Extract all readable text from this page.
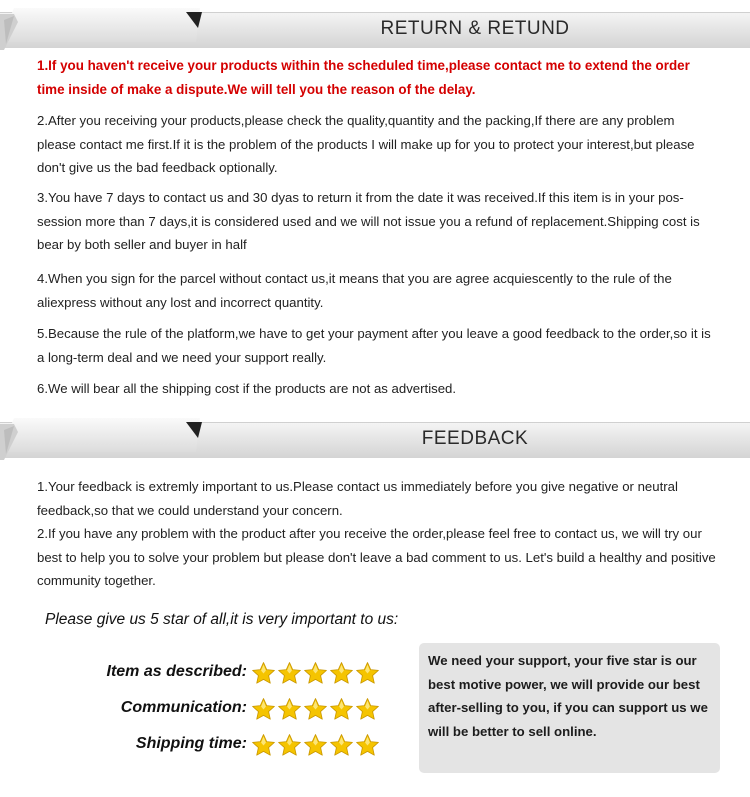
RETURN & RETUND
1.If you haven't receive your products within the scheduled time,please contact me to extend the order time inside of make a dispute.We will tell you the reason of the delay.
2.After you receiving your products,please check the quality,quantity and the packing,If there are any problem please contact me first.If it is the problem of the products I will make up for you to protect your interest,but please don't give us the bad feedback optionally.
3.You have 7 days to contact us and 30 dyas to return it from the date it was received.If this item is in your pos-session more than 7 days,it is considered used and we will not issue you a refund of replacement.Shipping cost is bear by both seller and buyer in half
4.When you sign for the parcel without contact us,it means that you are agree acquiescently to the rule of the aliexpress without any lost and incorrect quantity.
5.Because the rule of the platform,we have to get your payment after you leave a good feedback to the order,so it is a long-term deal and we need your support really.
6.We will bear all the shipping cost if the products are not as advertised.
FEEDBACK
1.Your feedback is extremly important to us.Please contact us immediately before you give negative or neutral feedback,so that we could understand your concern.
2.If you have any problem with the product after you receive the order,please feel free to contact us, we will try our best to help you to solve your problem but please don't leave a bad comment to us. Let's build a healthy and positive community together.
Please give us 5 star of all,it is very important to us:
Item as described:
Communication:
Shipping time:
We need your support, your five star is our best motive power, we will provide our best after-selling to you, if you can support us we will be better to sell online.
